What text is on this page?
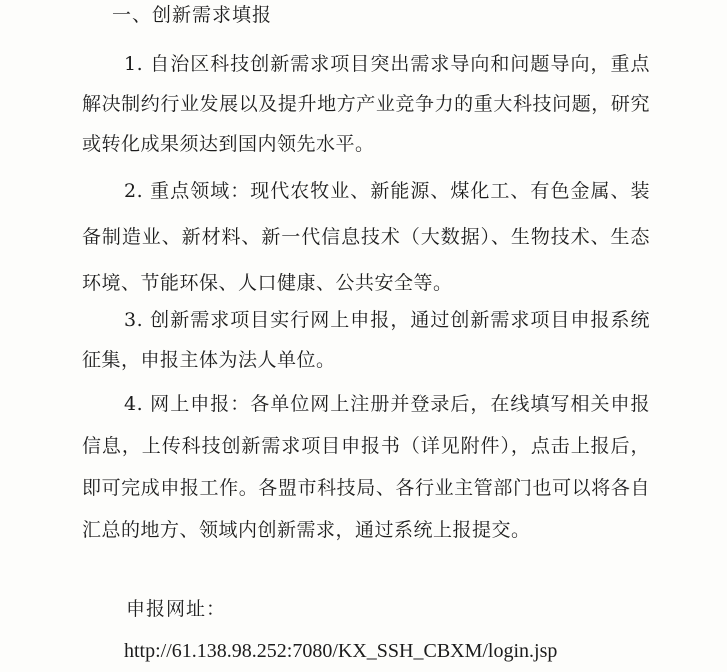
一、创新需求填报

1. 自治区科技创新需求项目突出需求导向和问题导向，重点解决制约行业发展以及提升地方产业竞争力的重大科技问题，研究或转化成果须达到国内领先水平。

2. 重点领域：现代农牧业、新能源、煤化工、有色金属、装备制造业、新材料、新一代信息技术（大数据）、生物技术、生态环境、节能环保、人口健康、公共安全等。

3. 创新需求项目实行网上申报，通过创新需求项目申报系统征集，申报主体为法人单位。

4. 网上申报：各单位网上注册并登录后，在线填写相关申报信息，上传科技创新需求项目申报书（详见附件），点击上报后，即可完成申报工作。各盟市科技局、各行业主管部门也可以将各自汇总的地方、领域内创新需求，通过系统上报提交。

申报网址：
http://61.138.98.252:7080/KX_SSH_CBXM/login.jsp
